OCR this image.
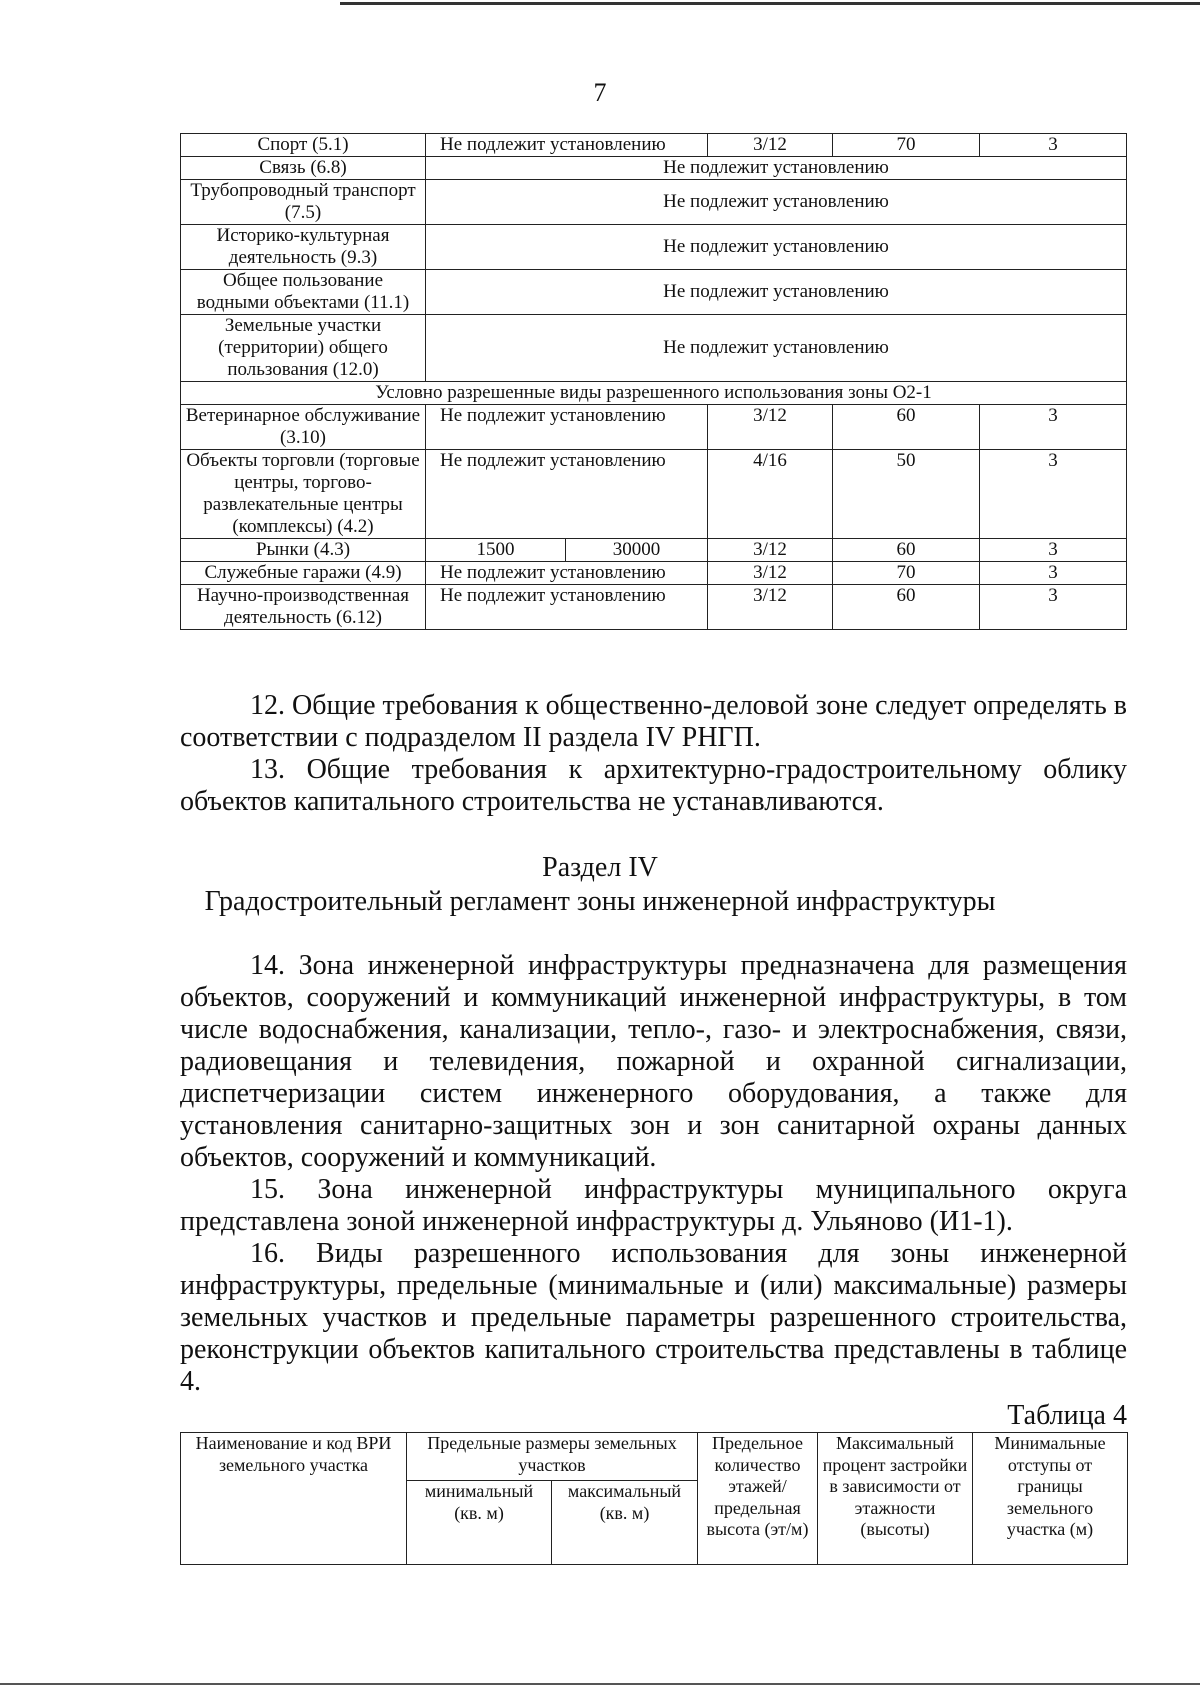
7
Спорт (5.1)	Не подлежит установлению		3/12	70	3
Связь (6.8)	Не подлежит установлению				
Трубопроводный транспорт (7.5)	Не подлежит установлению				
Историко-культурная деятельность (9.3)	Не подлежит установлению				
Общее пользование водными объектами (11.1)	Не подлежит установлению				
Земельные участки (территории) общего пользования (12.0)	Не подлежит установлению				
Условно разрешенные виды разрешенного использования зоны О2-1					
Ветеринарное обслуживание (3.10)	Не подлежит установлению		3/12	60	3
Объекты торговли (торговые центры, торгово-развлекательные центры (комплексы) (4.2)	Не подлежит установлению		4/16	50	3
Рынки (4.3)	1500	30000	3/12	60	3
Служебные гаражи (4.9)	Не подлежит установлению		3/12	70	3
Научно-производственная деятельность (6.12)	Не подлежит установлению		3/12	60	3

12. Общие требования к общественно-деловой зоне следует определять в соответствии с подразделом II раздела IV РНГП.

13. Общие требования к архитектурно-градостроительному облику объектов капитального строительства не устанавливаются.

Раздел IV
Градостроительный регламент зоны инженерной инфраструктуры

14. Зона инженерной инфраструктуры предназначена для размещения объектов, сооружений и коммуникаций инженерной инфраструктуры, в том числе водоснабжения, канализации, тепло-, газо- и электроснабжения, связи, радиовещания и телевидения, пожарной и охранной сигнализации, диспетчеризации систем инженерного оборудования, а также для установления санитарно-защитных зон и зон санитарной охраны данных объектов, сооружений и коммуникаций.

15. Зона инженерной инфраструктуры муниципального округа представлена зоной инженерной инфраструктуры д. Ульяново (И1-1).

16. Виды разрешенного использования для зоны инженерной инфраструктуры, предельные (минимальные и (или) максимальные) размеры земельных участков и предельные параметры разрешенного строительства, реконструкции объектов капитального строительства представлены в таблице 4.

Таблица 4
Наименование и код ВРИ земельного участка	Предельные размеры земельных участков		Предельное количество этажей/ предельная высота (эт/м)	Максимальный процент застройки в зависимости от этажности (высоты)	Минимальные отступы от границы земельного участка (м)
	минимальный (кв. м)	максимальный (кв. м)			
